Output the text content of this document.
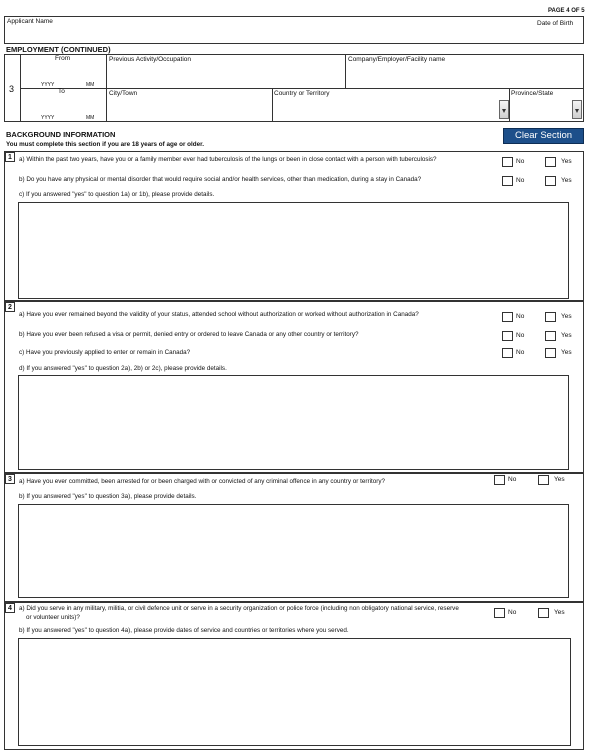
PAGE 4 OF 5
Applicant Name	Date of Birth
EMPLOYMENT (CONTINUED)
3
From
YYYY	MM
To
YYYY	MM
Previous Activity/Occupation	Company/Employer/Facility name
City/Town	Country or Territory	Province/State
BACKGROUND INFORMATION
You must complete this section if you are 18 years of age or older.
Clear Section
1	a) Within the past two years, have you or a family member ever had tuberculosis of the lungs or been in close contact with a person with tuberculosis?	No	Yes
b) Do you have any physical or mental disorder that would require social and/or health services, other than medication, during a stay in Canada?	No	Yes
c) If you answered "yes" to question 1a) or 1b), please provide details.
2
a) Have you ever remained beyond the validity of your status, attended school without authorization or worked without authorization in Canada?	No	Yes
b) Have you ever been refused a visa or permit, denied entry or ordered to leave Canada or any other country or territory?	No	Yes
c) Have you previously applied to enter or remain in Canada?	No	Yes
d) If you answered "yes" to question 2a), 2b) or 2c), please provide details.
3	a) Have you ever committed, been arrested for or been charged with or convicted of any criminal offence in any country or territory?	No	Yes
b) If you answered "yes" to question 3a), please provide details.
4	a) Did you serve in any military, militia, or civil defence unit or serve in a security organization or police force (including non obligatory national service, reserve
or volunteer units)?
No	Yes
b) If you answered "yes" to question 4a), please provide dates of service and countries or territories where you served.
